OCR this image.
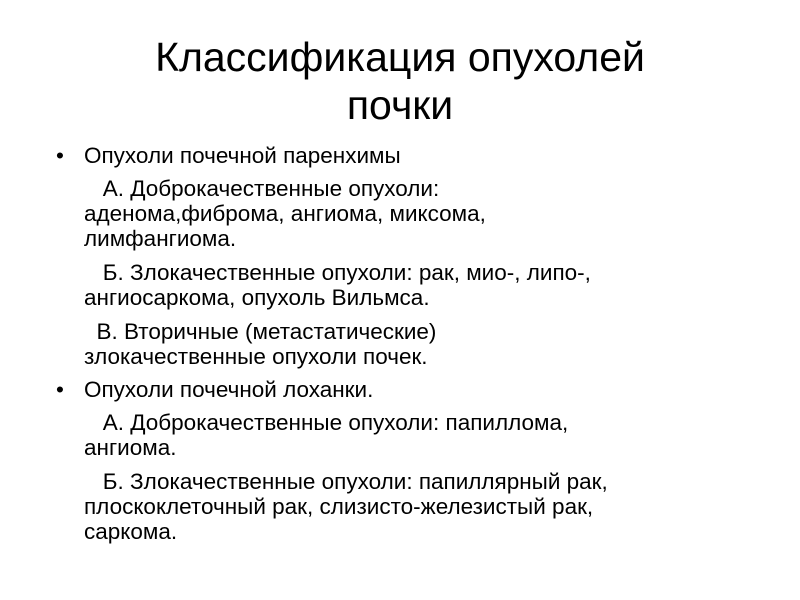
Классификация опухолей
почки

• Опухоли почечной паренхимы

А. Доброкачественные опухоли:

аденома,фиброма, ангиома, миксома,

лимфангиома.

Б. Злокачественные опухоли: рак, мио-, липо-,

ангиосаркома, опухоль Вильмса.

В. Вторичные (метастатические)

злокачественные опухоли почек.

• Опухоли почечной лоханки.

А. Доброкачественные опухоли: папиллома,

ангиома.

Б. Злокачественные опухоли: папиллярный рак,

плоскоклеточный рак, слизисто-железистый рак,

саркома.
